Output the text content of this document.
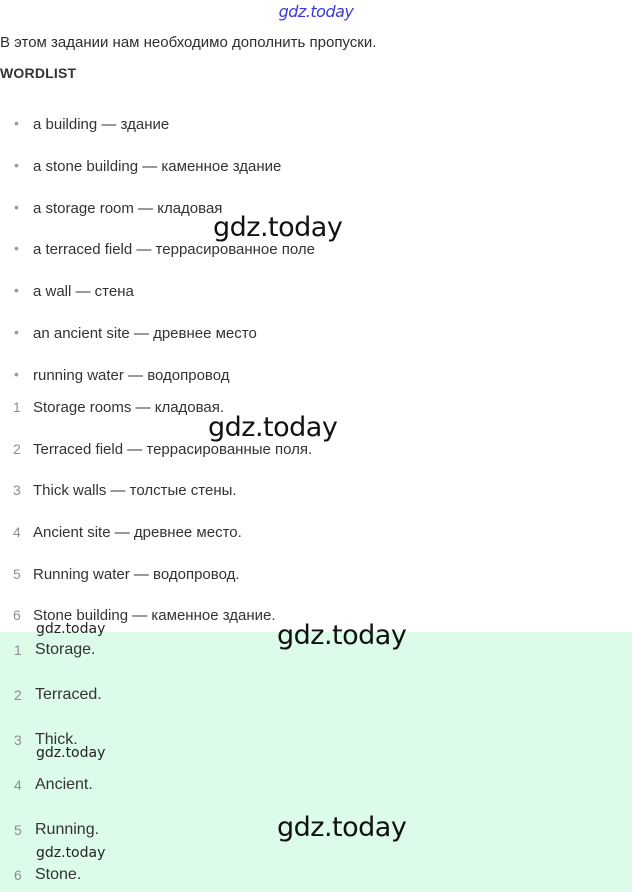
gdz.today
В этом задании нам необходимо дополнить пропуски.
WORDLIST
• a building — здание
• a stone building — каменное здание
• a storage room — кладовая
• a terraced field — террасированное поле
• a wall — стена
• an ancient site — древнее место
• running water — водопровод
1 Storage rooms — кладовая.
2 Terraced field — террасированные поля.
3 Thick walls — толстые стены.
4 Ancient site — древнее место.
5 Running water — водопровод.
6 Stone building — каменное здание.
1 Storage.
2 Terraced.
3 Thick.
4 Ancient.
5 Running.
6 Stone.
gdz.today
gdz.today
gdz.today
gdz.today
gdz.today
gdz.today
gdz.today
